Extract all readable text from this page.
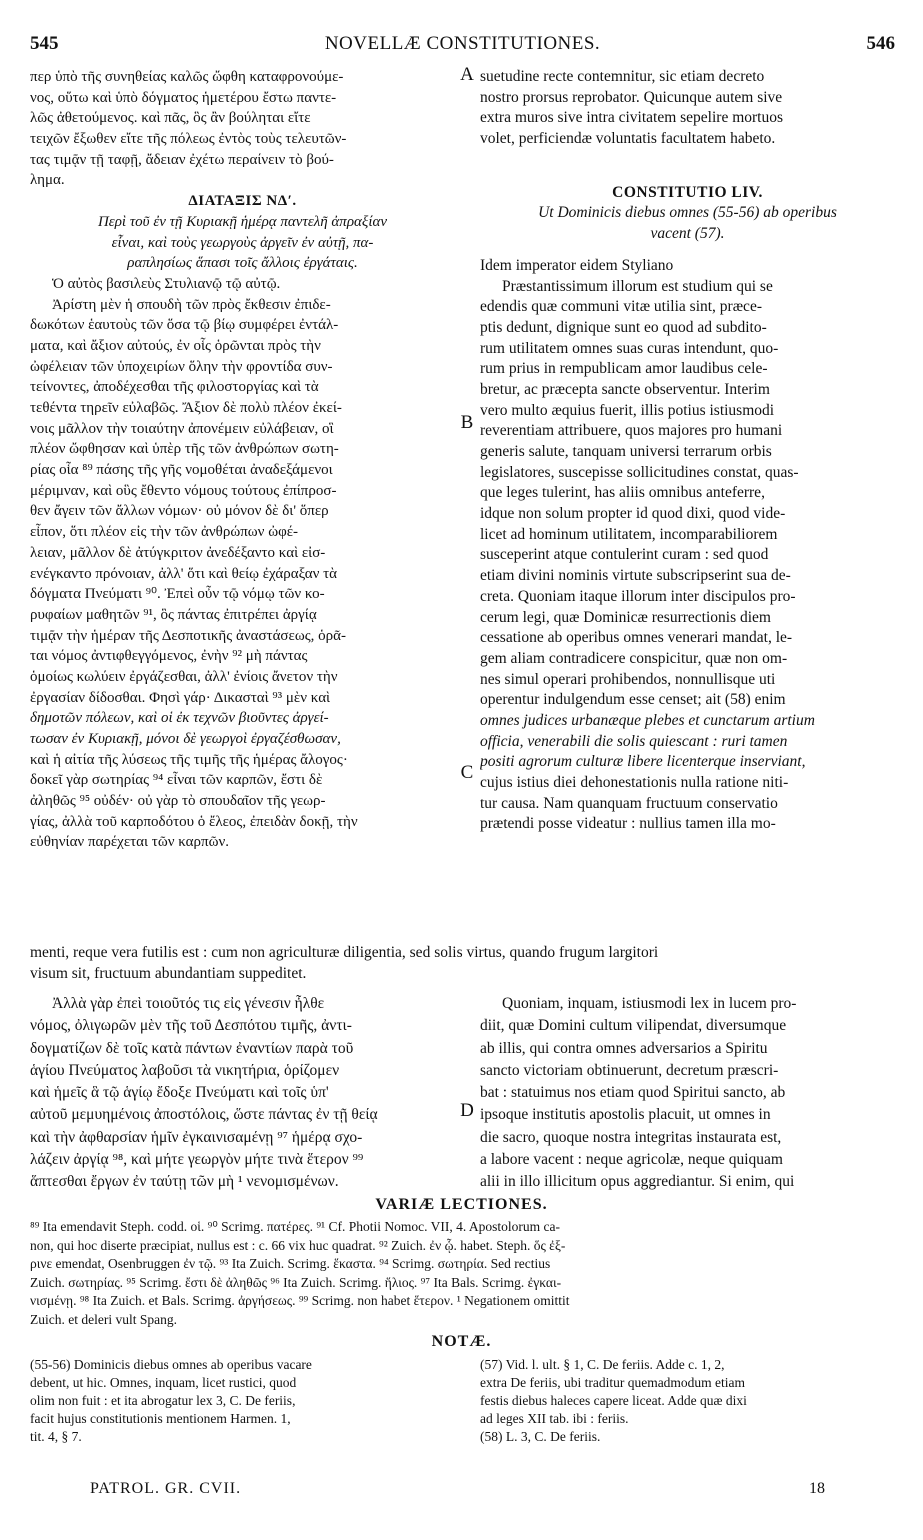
545	NOVELLÆ CONSTITUTIONES.	546
περ ὑπὸ τῆς συνηθείας καλῶς ὤφθη καταφρονούμε-
νος, οὕτω καὶ ὑπὸ δόγματος ἡμετέρου ἔστω παντε-
λῶς ἀθετούμενος. καὶ πᾶς, ὃς ἂν βούληται εἴτε
τειχῶν ἔξωθεν εἴτε τῆς πόλεως ἐντὸς τοὺς τελευτῶν-
τας τιμᾷν τῇ ταφῇ, ἄδειαν ἐχέτω περαίνειν τὸ βού-
λημα.
ΔΙΑΤΑΞΙΣ ΝΔʹ.
Περὶ τοῦ ἐν τῇ Κυριακῇ ἡμέρᾳ παντελῆ ἀπραξίαν
εἶναι, καὶ τοὺς γεωργοὺς ἀργεῖν ἐν αὐτῇ, πα-
ραπλησίως ἅπασι τοῖς ἄλλοις ἐργάταις.
Ὁ αὐτὸς βασιλεὺς Στυλιανῷ τῷ αὐτῷ.
Ἀρίστη μὲν ἡ σπουδὴ τῶν πρὸς ἔκθεσιν ἐπιδε-
δωκότων ἑαυτοὺς τῶν ὅσα τῷ βίῳ συμφέρει ἐντάλ-
ματα, καὶ ἄξιον αὐτούς, ἐν οἷς ὁρῶνται πρὸς τὴν
ὠφέλειαν τῶν ὑποχειρίων ὅλην τὴν φροντίδα συν-
τείνοντες, ἀποδέχεσθαι τῆς φιλοστοργίας καὶ τὰ
τεθέντα τηρεῖν εὐλαβῶς. Ἄξιον δὲ πολὺ πλέον ἐκεί-
νοις μᾶλλον τὴν τοιαύτην ἀπονέμειν εὐλάβειαν, οἳ
πλέον ὤφθησαν καὶ ὑπὲρ τῆς τῶν ἀνθρώπων σωτη-
ρίας οἷα ⁸⁹ πάσης τῆς γῆς νομοθέται ἀναδεξάμενοι
μέριμναν, καὶ οὓς ἔθεντο νόμους τούτους ἐπίπροσ-
θεν ἄγειν τῶν ἄλλων νόμων· οὐ μόνον δὲ δι' ὅπερ
εἶπον, ὅτι πλέον εἰς τὴν τῶν ἀνθρώπων ὠφέ-
λειαν, μᾶλλον δὲ ἀτύγκριτον ἀνεδέξαντο καὶ εἰσ-
ενέγκαντο πρόνοιαν, ἀλλ' ὅτι καὶ θείῳ ἐχάραξαν τὰ
δόγματα Πνεύματι ⁹⁰. Ἐπεὶ οὖν τῷ νόμῳ τῶν κο-
ρυφαίων μαθητῶν ⁹¹, ὃς πάντας ἐπιτρέπει ἀργίᾳ
τιμᾷν τὴν ἡμέραν τῆς Δεσποτικῆς ἀναστάσεως, ὁρᾶ-
ται νόμος ἀντιφθεγγόμενος, ἐνὴν ⁹² μὴ πάντας
ὁμοίως κωλύειν ἐργάζεσθαι, ἀλλ' ἐνίοις ἄνετον τὴν
ἐργασίαν δίδοσθαι. Φησὶ γάρ· Δικασταὶ ⁹³ μὲν καὶ
δημοτῶν πόλεων, καὶ οἱ ἐκ τεχνῶν βιοῦντες ἀργεί-
τωσαν ἐν Κυριακῇ, μόνοι δὲ γεωργοὶ ἐργαζέσθωσαν,
καὶ ἡ αἰτία τῆς λύσεως τῆς τιμῆς τῆς ἡμέρας ἄλογος·
δοκεῖ γὰρ σωτηρίας ⁹⁴ εἶναι τῶν καρπῶν, ἔστι δὲ
ἀληθῶς ⁹⁵ οὐδέν· οὐ γὰρ τὸ σπουδαῖον τῆς γεωρ-
γίας, ἀλλὰ τοῦ καρποδότου ὁ ἔλεος, ἐπειδὰν δοκῇ, τὴν
εὐθηνίαν παρέχεται τῶν καρπῶν.
suetudine recte contemnitur, sic etiam decreto
nostro prorsus reprobator. Quicunque autem sive
extra muros sive intra civitatem sepelire mortuos
volet, perficiendæ voluntatis facultatem habeto.
CONSTITUTIO LIV.
Ut Dominicis diebus omnes (55-56) ab operibus
vacent (57).
Idem imperator eidem Styliano
Præstantissimum illorum est studium qui se
edendis quæ communi vitæ utilia sint, præce-
ptis dedunt, dignique sunt eo quod ad subdito-
rum utilitatem omnes suas curas intendunt, quo-
rum prius in rempublicam amor laudibus cele-
bretur, ac præcepta sancte observentur. Interim
vero multo æquius fuerit, illis potius istiusmodi
reverentiam attribuere, quos majores pro humani
generis salute, tanquam universi terrarum orbis
legislatores, suscepisse sollicitudines constat, quas-
que leges tulerint, has aliis omnibus anteferre,
idque non solum propter id quod dixi, quod vide-
licet ad hominum utilitatem, incomparabiliorem
susceperint atque contulerint curam : sed quod
etiam divini nominis virtute subscripserint sua de-
creta. Quoniam itaque illorum inter discipulos pro-
cerum legi, quæ Dominicæ resurrectionis diem
cessatione ab operibus omnes venerari mandat, le-
gem aliam contradicere conspicitur, quæ non om-
nes simul operari prohibendos, nonnullisque uti
operentur indulgendum esse censet; ait (58) enim
omnes judices urbanæque plebes et cunctarum artium
officia, venerabili die solis quiescant : ruri tamen
positi agrorum culturæ libere licenterque inserviant,
cujus istius diei dehonestationis nulla ratione niti-
tur causa. Nam quanquam fructuum conservatio
prætendi posse videatur : nullius tamen illa mo-
A
B
C
D
menti, reque vera futilis est : cum non agriculturæ diligentia, sed solis virtus, quando frugum largitori
visum sit, fructuum abundantiam suppeditet.
Ἀλλὰ γὰρ ἐπεὶ τοιοῦτός τις εἰς γένεσιν ἦλθε
νόμος, ὀλιγωρῶν μὲν τῆς τοῦ Δεσπότου τιμῆς, ἀντι-
δογματίζων δὲ τοῖς κατὰ πάντων ἐναντίων παρὰ τοῦ
ἁγίου Πνεύματος λαβοῦσι τὰ νικητήρια, ὁρίζομεν
καὶ ἡμεῖς ἃ τῷ ἁγίῳ ἔδοξε Πνεύματι καὶ τοῖς ὑπ'
αὐτοῦ μεμυημένοις ἀποστόλοις, ὥστε πάντας ἐν τῇ θείᾳ
καὶ τὴν ἀφθαρσίαν ἡμῖν ἐγκαινισαμένῃ ⁹⁷ ἡμέρᾳ σχο-
λάζειν ἀργίᾳ ⁹⁸, καὶ μήτε γεωργὸν μήτε τινὰ ἕτερον ⁹⁹
ἅπτεσθαι ἔργων ἐν ταύτῃ τῶν μὴ ¹ νενομισμένων.
Quoniam, inquam, istiusmodi lex in lucem pro-
diit, quæ Domini cultum vilipendat, diversumque
ab illis, qui contra omnes adversarios a Spiritu
sancto victoriam obtinuerunt, decretum præscri-
bat : statuimus nos etiam quod Spiritui sancto, ab
ipsoque institutis apostolis placuit, ut omnes in
die sacro, quoque nostra integritas instaurata est,
a labore vacent : neque agricolæ, neque quiquam
alii in illo illicitum opus aggrediantur. Si enim, qui
VARIÆ LECTIONES.
⁸⁹ Ita emendavit Steph. codd. οἱ. ⁹⁰ Scrimg. πατέρες. ⁹¹ Cf. Photii Nomoc. VII, 4. Apostolorum ca-
non, qui hoc diserte præcipiat, nullus est : c. 66 vix huc quadrat. ⁹² Zuich. ἐν ᾧ. habet. Steph. ὅς ἐξ-
ρινε emendat, Osenbruggen ἐν τῷ. ⁹³ Ita Zuich. Scrimg. ἕκαστα. ⁹⁴ Scrimg. σωτηρία. Sed rectius
Zuich. σωτηρίας. ⁹⁵ Scrimg. ἔστι δὲ ἀληθῶς ⁹⁶ Ita Zuich. Scrimg. ἥλιος. ⁹⁷ Ita Bals. Scrimg. ἐγκαι-
νισμένῃ. ⁹⁸ Ita Zuich. et Bals. Scrimg. ἀργήσεως. ⁹⁹ Scrimg. non habet ἕτερον. ¹ Negationem omittit
Zuich. et deleri vult Spang.
NOTÆ.
(55-56) Dominicis diebus omnes ab operibus vacare
debent, ut hic. Omnes, inquam, licet rustici, quod
olim non fuit : et ita abrogatur lex 3, C. De feriis,
facit hujus constitutionis mentionem Harmen. 1,
tit. 4, § 7.
(57) Vid. l. ult. § 1, C. De feriis. Adde c. 1, 2,
extra De feriis, ubi traditur quemadmodum etiam
festis diebus haleces capere liceat. Adde quæ dixi
ad leges XII tab. ibi : feriis.
(58) L. 3, C. De feriis.
PATROL. GR. CVII.	18
